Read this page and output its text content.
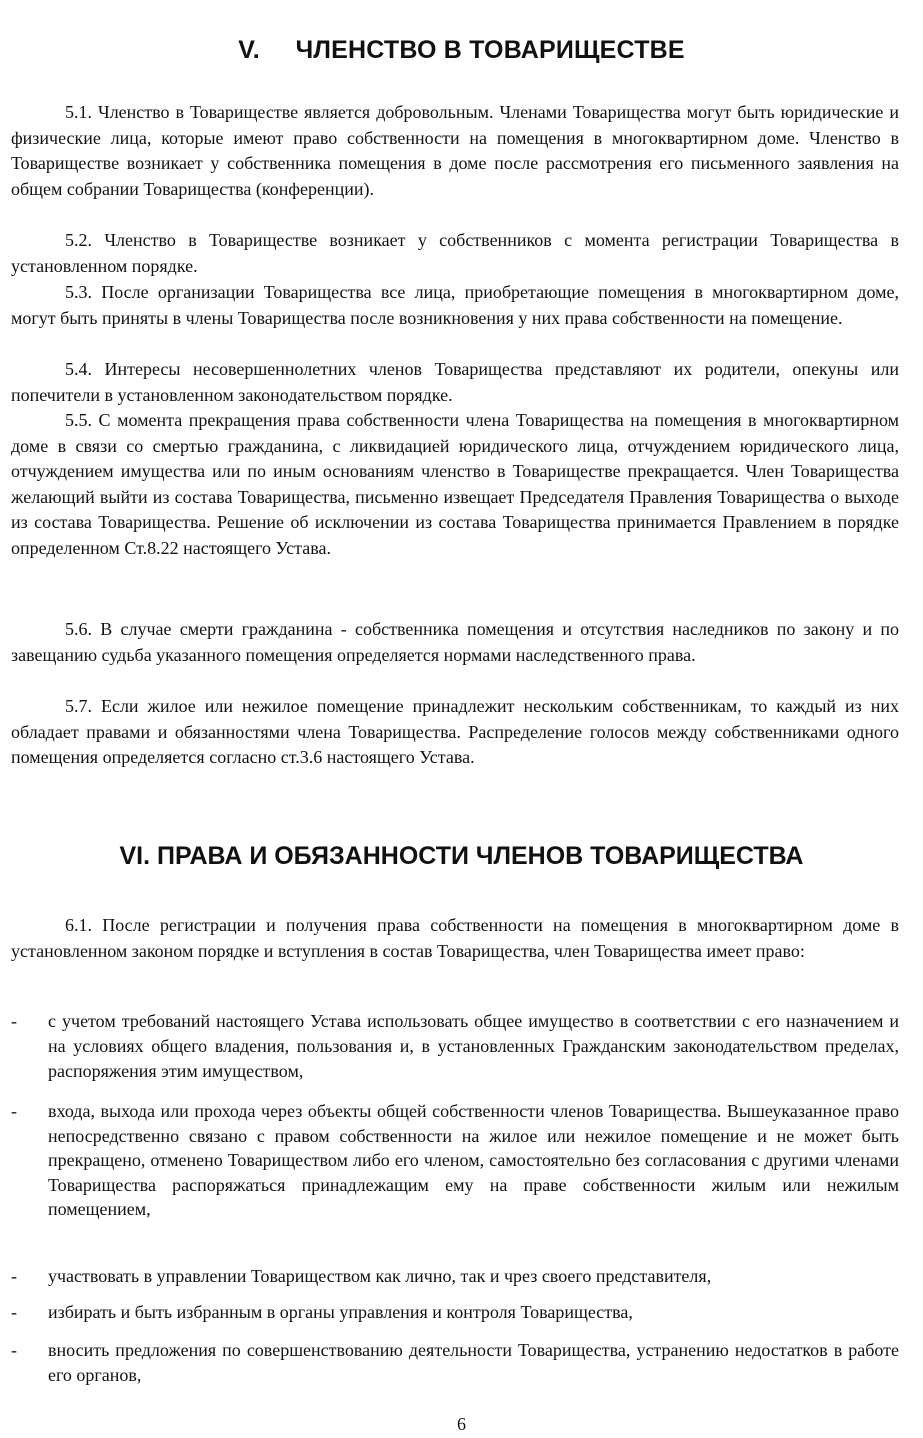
V.     ЧЛЕНСТВО В ТОВАРИЩЕСТВЕ

5.1. Членство в Товариществе является добровольным. Членами Товарищества могут быть юридические и физические лица, которые имеют право собственности на помещения в многоквартирном доме. Членство в Товариществе возникает у собственника помещения в доме после рассмотрения его письменного заявления на общем собрании Товарищества (конференции).

5.2. Членство в Товариществе возникает у собственников с момента регистрации Товарищества в установленном порядке.

5.3. После организации Товарищества все лица, приобретающие помещения в многоквартирном доме, могут быть приняты в члены Товарищества после возникновения у них права собственности на помещение.

5.4. Интересы несовершеннолетних членов Товарищества представляют их родители, опекуны или попечители в установленном законодательством порядке.

5.5. С момента прекращения права собственности члена Товарищества на помещения в многоквартирном доме в связи со смертью гражданина, с ликвидацией юридического лица, отчуждением юридического лица, отчуждением имущества или по иным основаниям членство в Товариществе прекращается. Член Товарищества желающий выйти из состава Товарищества, письменно извещает Председателя Правления Товарищества о выходе из состава Товарищества. Решение об исключении из состава Товарищества принимается Правлением в порядке определенном Ст.8.22 настоящего Устава.

5.6. В случае смерти гражданина - собственника помещения и отсутствия наследников по закону и по завещанию судьба указанного помещения определяется нормами наследственного права.

5.7. Если жилое или нежилое помещение принадлежит нескольким собственникам, то каждый из них обладает правами и обязанностями члена Товарищества. Распределение голосов между собственниками одного помещения определяется согласно ст.3.6 настоящего Устава.

VI. ПРАВА И ОБЯЗАННОСТИ ЧЛЕНОВ ТОВАРИЩЕСТВА

6.1. После регистрации и получения права собственности на помещения в многоквартирном доме в установленном законом порядке и вступления в состав Товарищества, член Товарищества имеет право:

- с учетом требований настоящего Устава использовать общее имущество в соответствии с его назначением и на условиях общего владения, пользования и, в установленных Гражданским законодательством пределах, распоряжения этим имуществом,
- входа, выхода или прохода через объекты общей собственности членов Товарищества. Вышеуказанное право непосредственно связано с правом собственности на жилое или нежилое помещение и не может быть прекращено, отменено Товариществом либо его членом, самостоятельно без согласования с другими членами Товарищества распоряжаться принадлежащим ему на праве собственности жилым или нежилым помещением,
- участвовать в управлении Товариществом как лично, так и чрез своего представителя,
- избирать и быть избранным в органы управления и контроля Товарищества,
- вносить предложения по совершенствованию деятельности Товарищества, устранению недостатков в работе его органов,
6
